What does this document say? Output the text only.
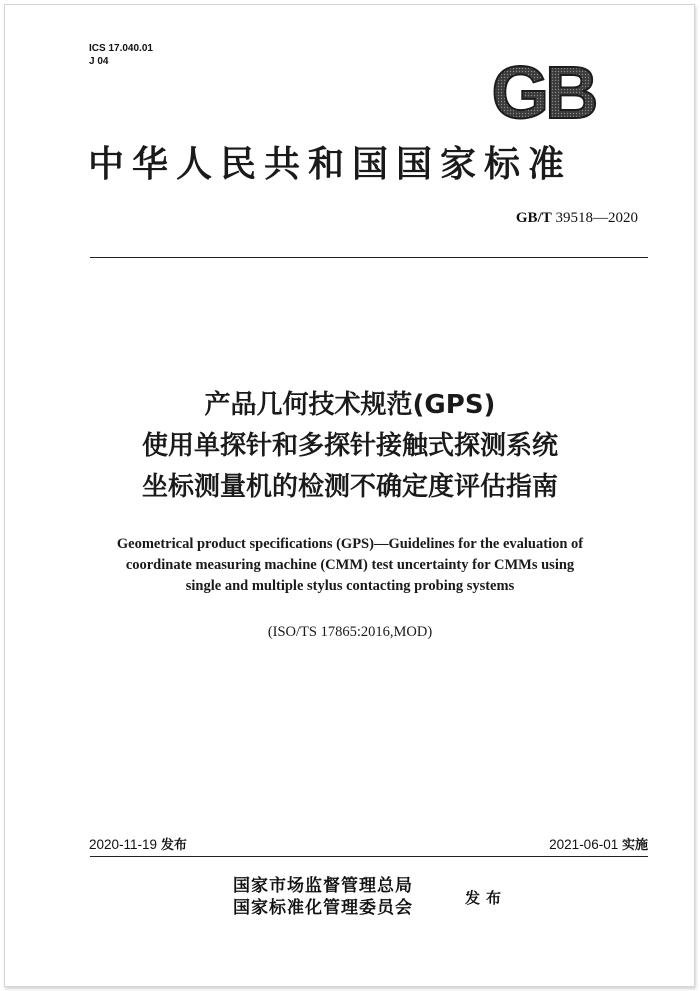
ICS 17.040.01
J 04	GB
中华人民共和国国家标准
GB/T 39518—2020
产品几何技术规范(GPS)
使用单探针和多探针接触式探测系统
坐标测量机的检测不确定度评估指南
Geometrical product specifications (GPS)—Guidelines for the evaluation of
coordinate measuring machine (CMM) test uncertainty for CMMs using
single and multiple stylus contacting probing systems
(ISO/TS 17865:2016,MOD)
2020-11-19 发布	2021-06-01 实施
国家市场监督管理总局
国家标准化管理委员会	发布
